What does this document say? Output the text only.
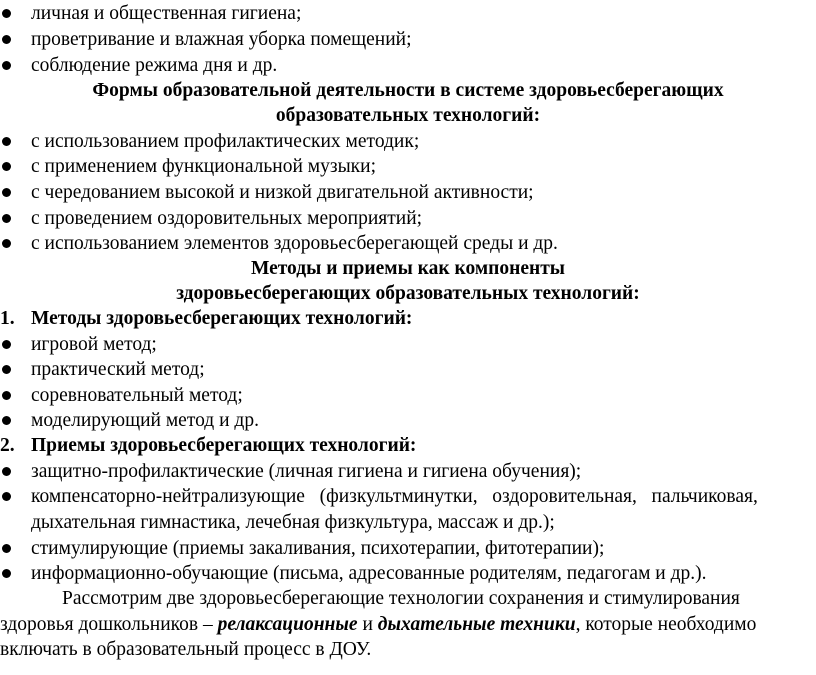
личная и общественная гигиена;
проветривание и влажная уборка помещений;
соблюдение режима дня и др.
Формы образовательной деятельности в системе здоровьесберегающих
образовательных технологий:
с использованием профилактических методик;
с применением функциональной музыки;
с чередованием высокой и низкой двигательной активности;
с проведением оздоровительных мероприятий;
с использованием элементов здоровьесберегающей среды и др.
Методы и приемы как компоненты
здоровьесберегающих образовательных технологий:
1. Методы здоровьесберегающих технологий:
игровой метод;
практический метод;
соревновательный метод;
моделирующий метод и др.
2. Приемы здоровьесберегающих технологий:
защитно-профилактические (личная гигиена и гигиена обучения);
компенсаторно-нейтрализующие   (физкультминутки,   оздоровительная,   пальчиковая,
дыхательная гимнастика, лечебная физкультура, массаж и др.);
стимулирующие (приемы закаливания, психотерапии, фитотерапии);
информационно-обучающие (письма, адресованные родителям, педагогам и др.).
Рассмотрим две здоровьесберегающие технологии сохранения и стимулирования
здоровья дошкольников – релаксационные и дыхательные техники, которые необходимо
включать в образовательный процесс в ДОУ.
